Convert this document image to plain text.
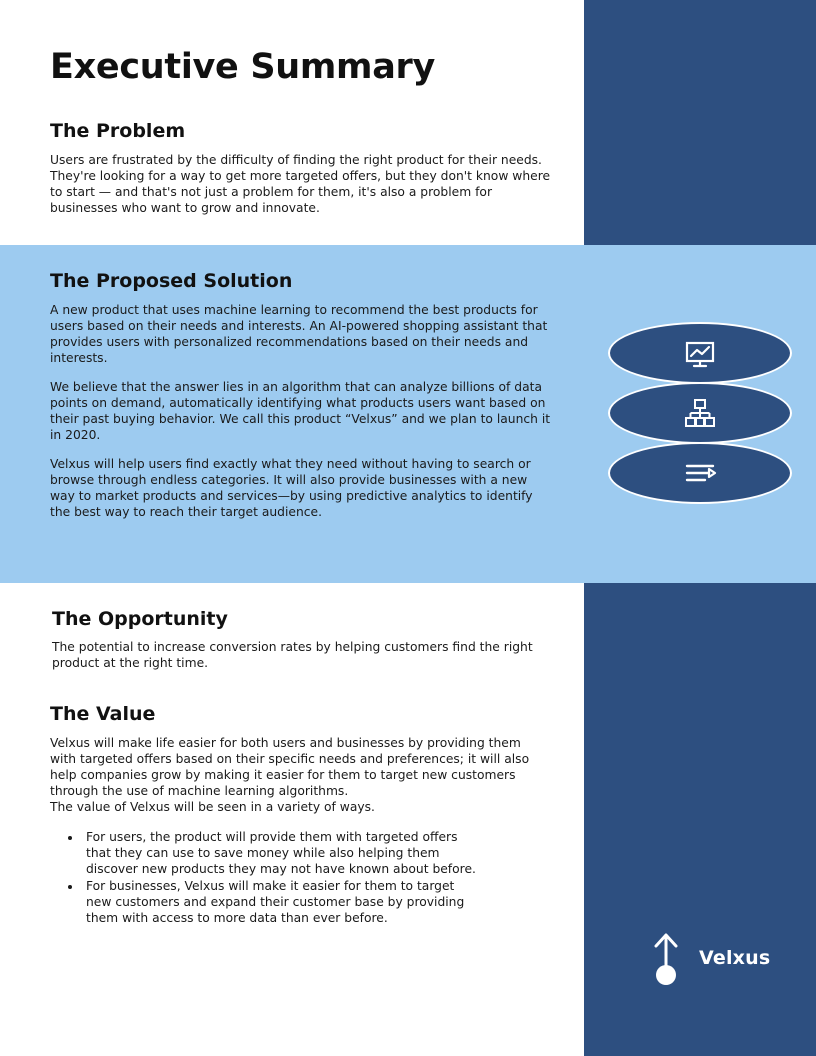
Executive Summary
The Problem

Users are frustrated by the difficulty of finding the right product for their needs. They're looking for a way to get more targeted offers, but they don't know where to start — and that's not just a problem for them, it's also a problem for businesses who want to grow and innovate.

The Proposed Solution

A new product that uses machine learning to recommend the best products for users based on their needs and interests. An AI-powered shopping assistant that provides users with personalized recommendations based on their needs and interests.

We believe that the answer lies in an algorithm that can analyze billions of data points on demand, automatically identifying what products users want based on their past buying behavior. We call this product “Velxus” and we plan to launch it in 2020.

Velxus will help users find exactly what they need without having to search or browse through endless categories. It will also provide businesses with a new way to market products and services—by using predictive analytics to identify the best way to reach their target audience.

The Opportunity

The potential to increase conversion rates by helping customers find the right product at the right time.

The Value

Velxus will make life easier for both users and businesses by providing them with targeted offers based on their specific needs and preferences; it will also help companies grow by making it easier for them to target new customers through the use of machine learning algorithms.

The value of Velxus will be seen in a variety of ways.

• For users, the product will provide them with targeted offers that they can use to save money while also helping them discover new products they may not have known about before.
• For businesses, Velxus will make it easier for them to target new customers and expand their customer base by providing them with access to more data than ever before.
Velxus
